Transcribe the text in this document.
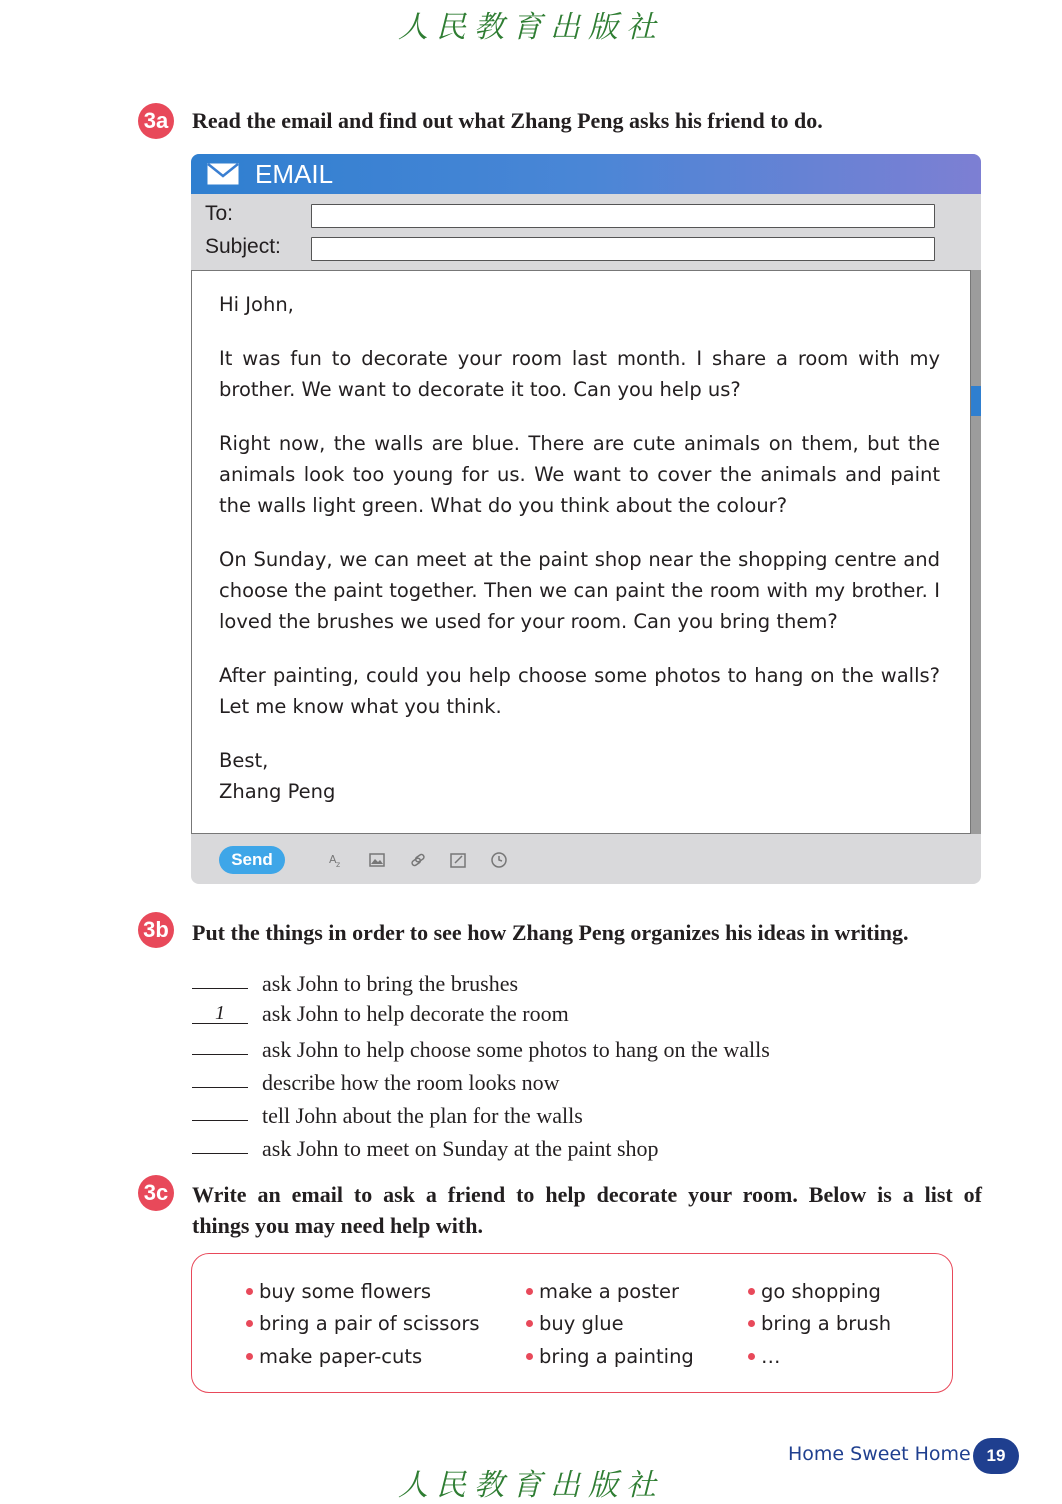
人民教育出版社
3a Read the email and find out what Zhang Peng asks his friend to do.
EMAIL
To:
Subject:

Hi John,

It was fun to decorate your room last month. I share a room with my brother. We want to decorate it too. Can you help us?

Right now, the walls are blue. There are cute animals on them, but the animals look too young for us. We want to cover the animals and paint the walls light green. What do you think about the colour?

On Sunday, we can meet at the paint shop near the shopping centre and choose the paint together. Then we can paint the room with my brother. I loved the brushes we used for your room. Can you bring them?

After painting, could you help choose some photos to hang on the walls? Let me know what you think.

Best,

Zhang Peng

Send	A z
3b Put the things in order to see how Zhang Peng organizes his ideas in writing.
ask John to bring the brushes
1	ask John to help decorate the room
ask John to help choose some photos to hang on the walls
describe how the room looks now
tell John about the plan for the walls
ask John to meet on Sunday at the paint shop
3c Write an email to ask a friend to help decorate your room. Below is a list of
things you may need help with.
buy some flowers
bring a pair of scissors
make paper-cuts
make a poster
buy glue
bring a painting
go shopping
bring a brush
…
Home Sweet Home 19
人民教育出版社
